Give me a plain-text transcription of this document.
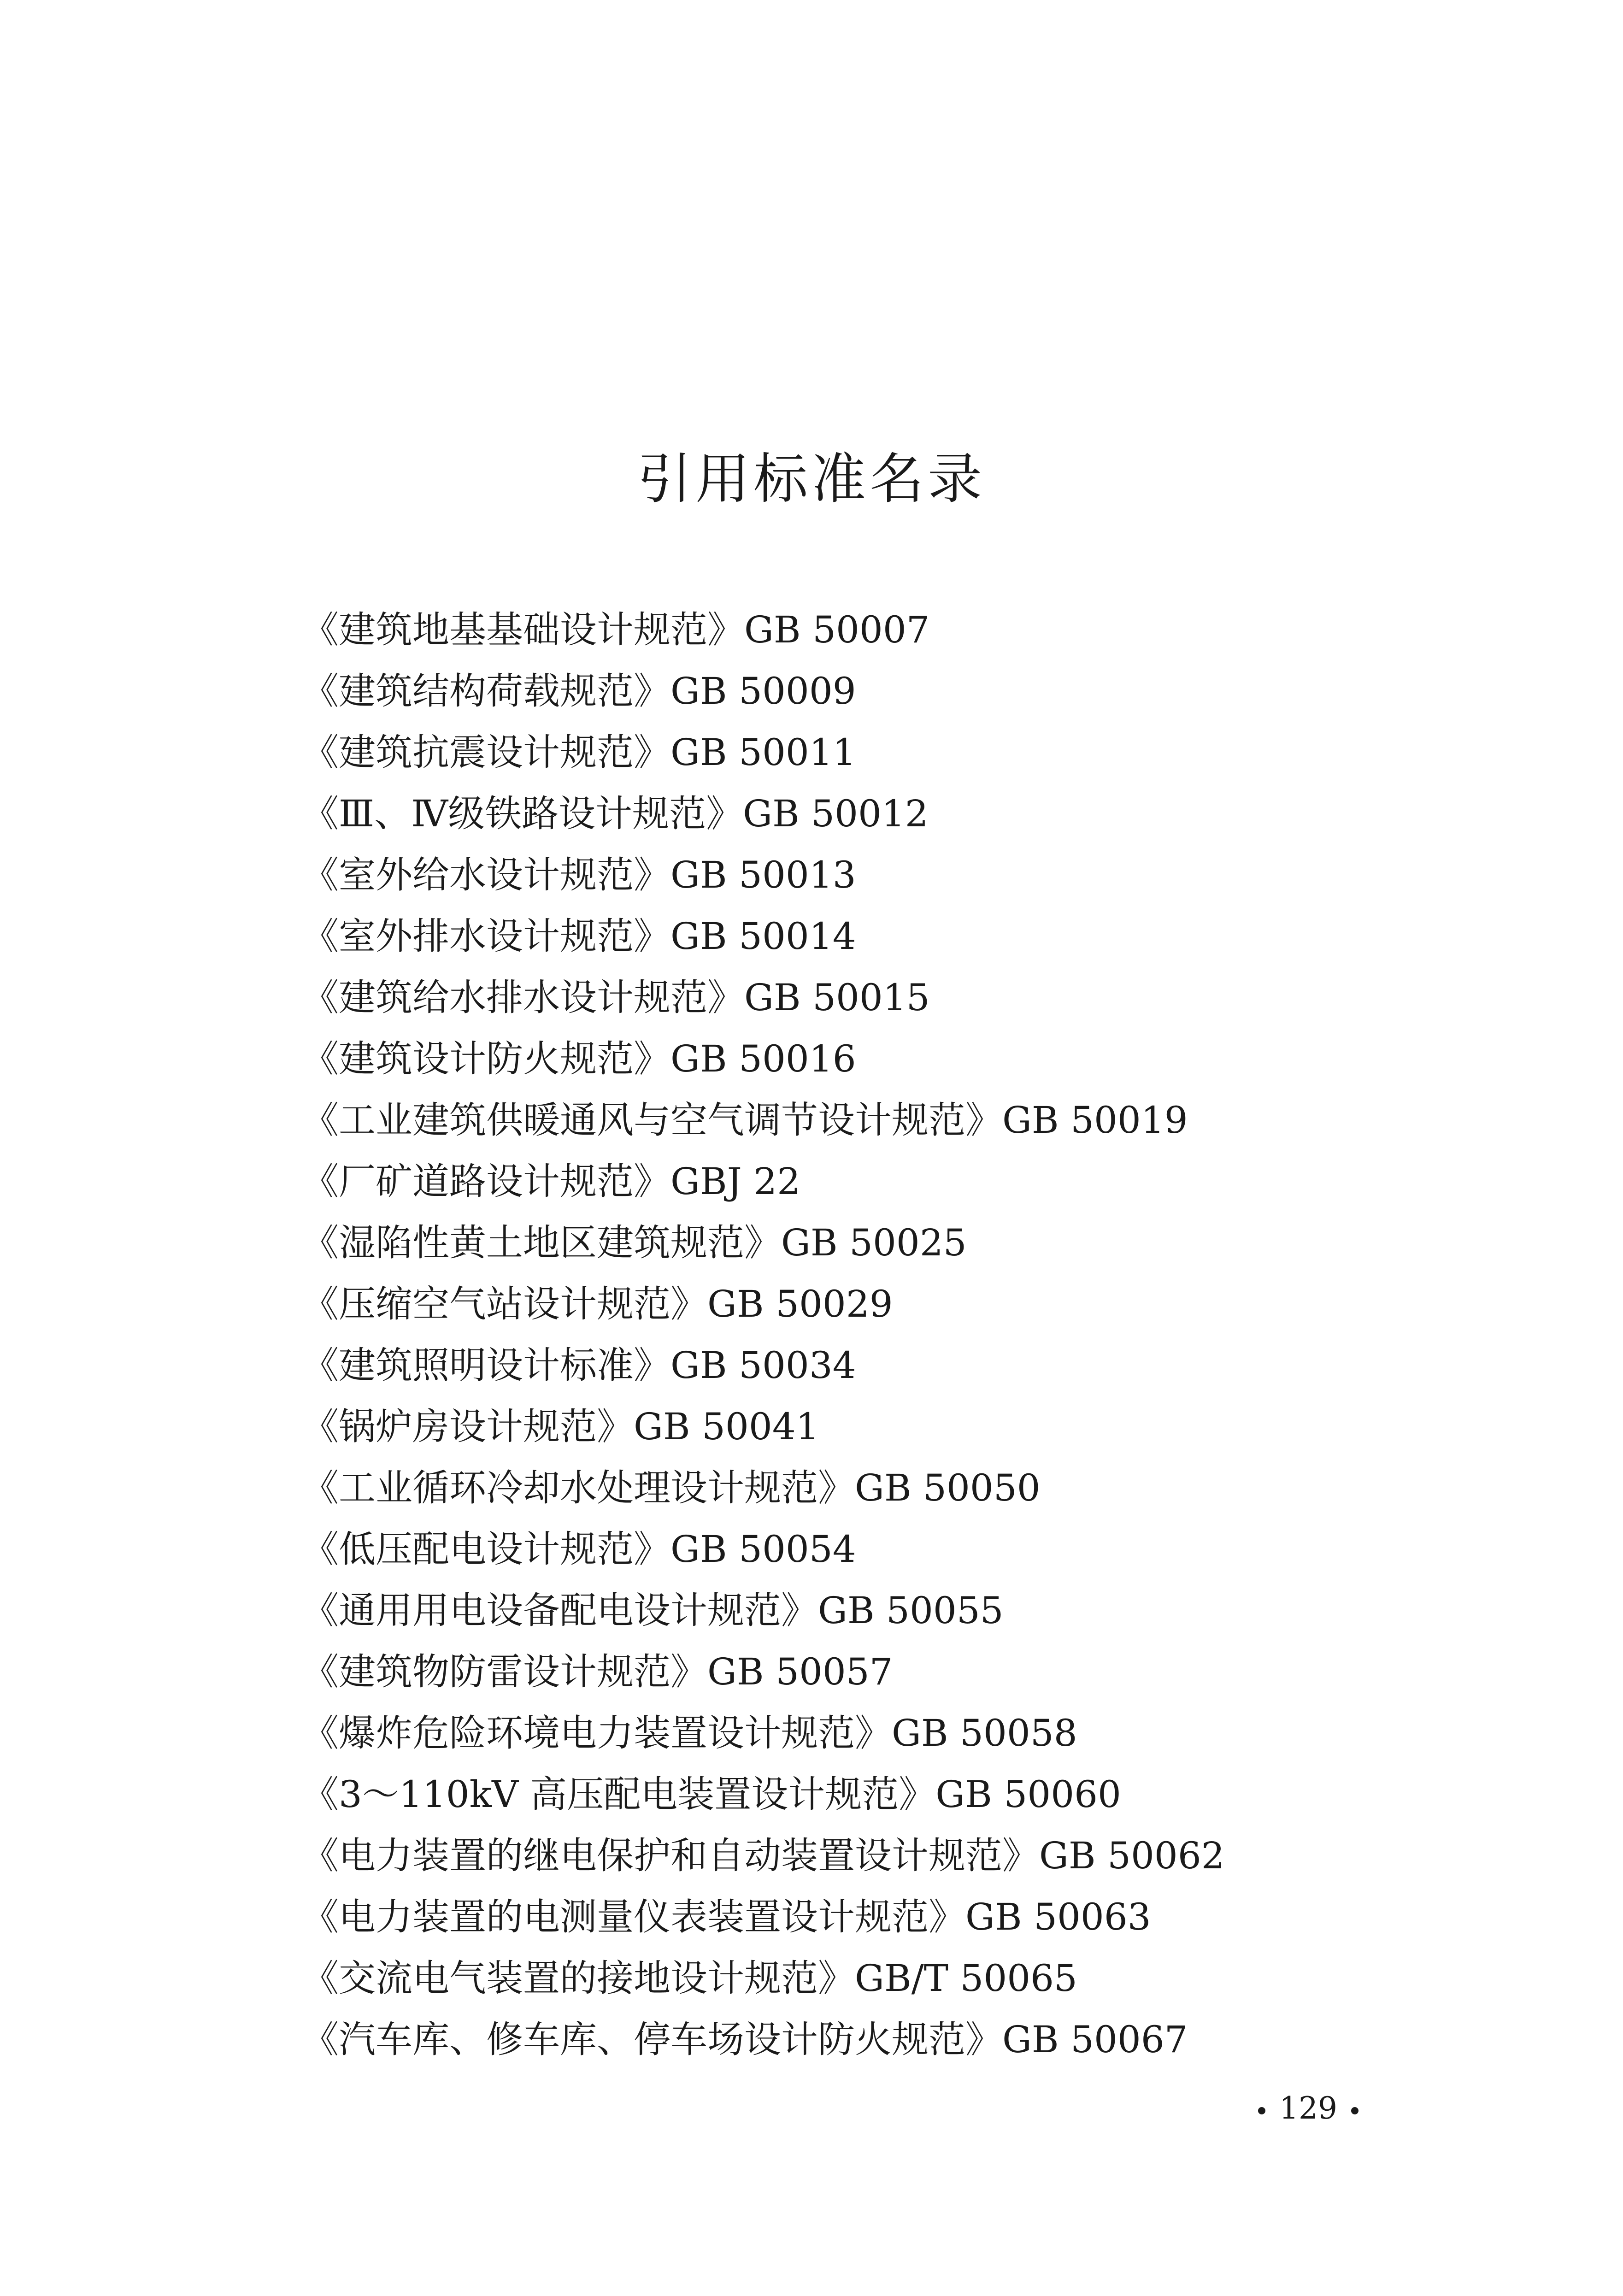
引用标准名录
《建筑地基基础设计规范》GB 50007
《建筑结构荷载规范》GB 50009
《建筑抗震设计规范》GB 50011
《Ⅲ、Ⅳ级铁路设计规范》GB 50012
《室外给水设计规范》GB 50013
《室外排水设计规范》GB 50014
《建筑给水排水设计规范》GB 50015
《建筑设计防火规范》GB 50016
《工业建筑供暖通风与空气调节设计规范》GB 50019
《厂矿道路设计规范》GBJ 22
《湿陷性黄土地区建筑规范》GB 50025
《压缩空气站设计规范》GB 50029
《建筑照明设计标准》GB 50034
《锅炉房设计规范》GB 50041
《工业循环冷却水处理设计规范》GB 50050
《低压配电设计规范》GB 50054
《通用用电设备配电设计规范》GB 50055
《建筑物防雷设计规范》GB 50057
《爆炸危险环境电力装置设计规范》GB 50058
《3～110kV 高压配电装置设计规范》GB 50060
《电力装置的继电保护和自动装置设计规范》GB 50062
《电力装置的电测量仪表装置设计规范》GB 50063
《交流电气装置的接地设计规范》GB/T 50065
《汽车库、修车库、停车场设计防火规范》GB 50067
129
